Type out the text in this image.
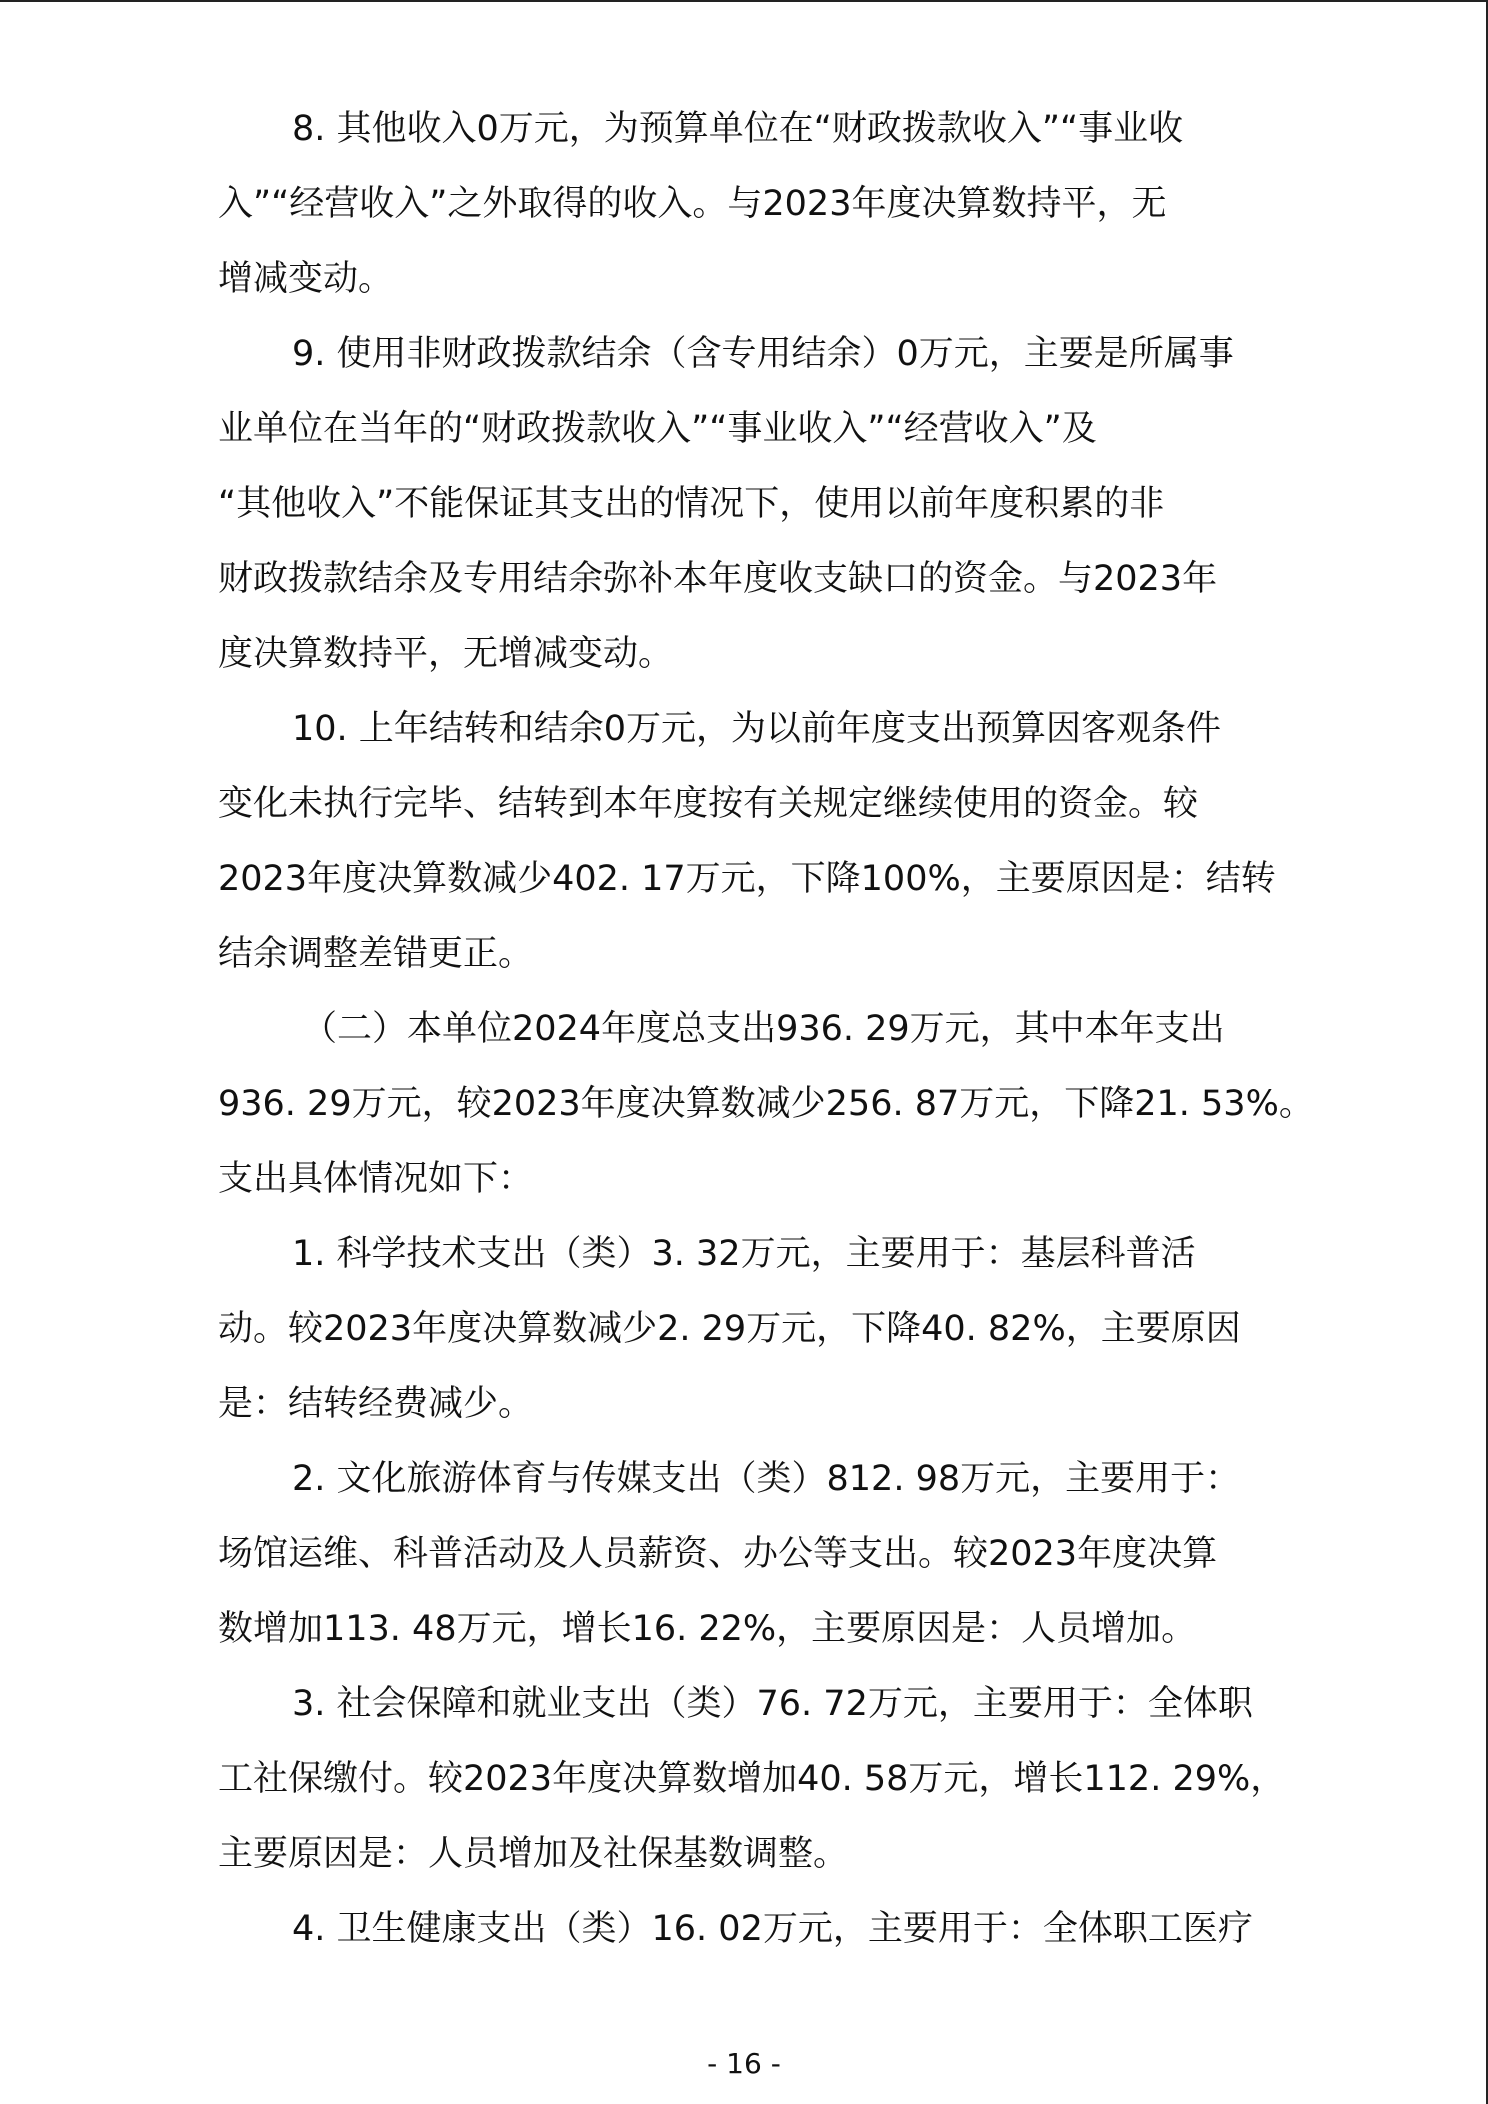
8. 其他收入0万元，为预算单位在“财政拨款收入”“事业收
入”“经营收入”之外取得的收入。与2023年度决算数持平，无
增减变动。

9. 使用非财政拨款结余（含专用结余）0万元，主要是所属事
业单位在当年的“财政拨款收入”“事业收入”“经营收入”及
“其他收入”不能保证其支出的情况下，使用以前年度积累的非
财政拨款结余及专用结余弥补本年度收支缺口的资金。与2023年
度决算数持平，无增减变动。

10. 上年结转和结余0万元，为以前年度支出预算因客观条件
变化未执行完毕、结转到本年度按有关规定继续使用的资金。较
2023年度决算数减少402. 17万元，下降100%，主要原因是：结转
结余调整差错更正。

（二）本单位2024年度总支出936. 29万元，其中本年支出
936. 29万元，较2023年度决算数减少256. 87万元，下降21. 53%。
支出具体情况如下：

1. 科学技术支出（类）3. 32万元，主要用于：基层科普活
动。较2023年度决算数减少2. 29万元，下降40. 82%，主要原因
是：结转经费减少。

2. 文化旅游体育与传媒支出（类）812. 98万元，主要用于：
场馆运维、科普活动及人员薪资、办公等支出。较2023年度决算
数增加113. 48万元，增长16. 22%，主要原因是：人员增加。

3. 社会保障和就业支出（类）76. 72万元，主要用于：全体职
工社保缴付。较2023年度决算数增加40. 58万元，增长112. 29%，
主要原因是：人员增加及社保基数调整。

4. 卫生健康支出（类）16. 02万元，主要用于：全体职工医疗

- 16 -
